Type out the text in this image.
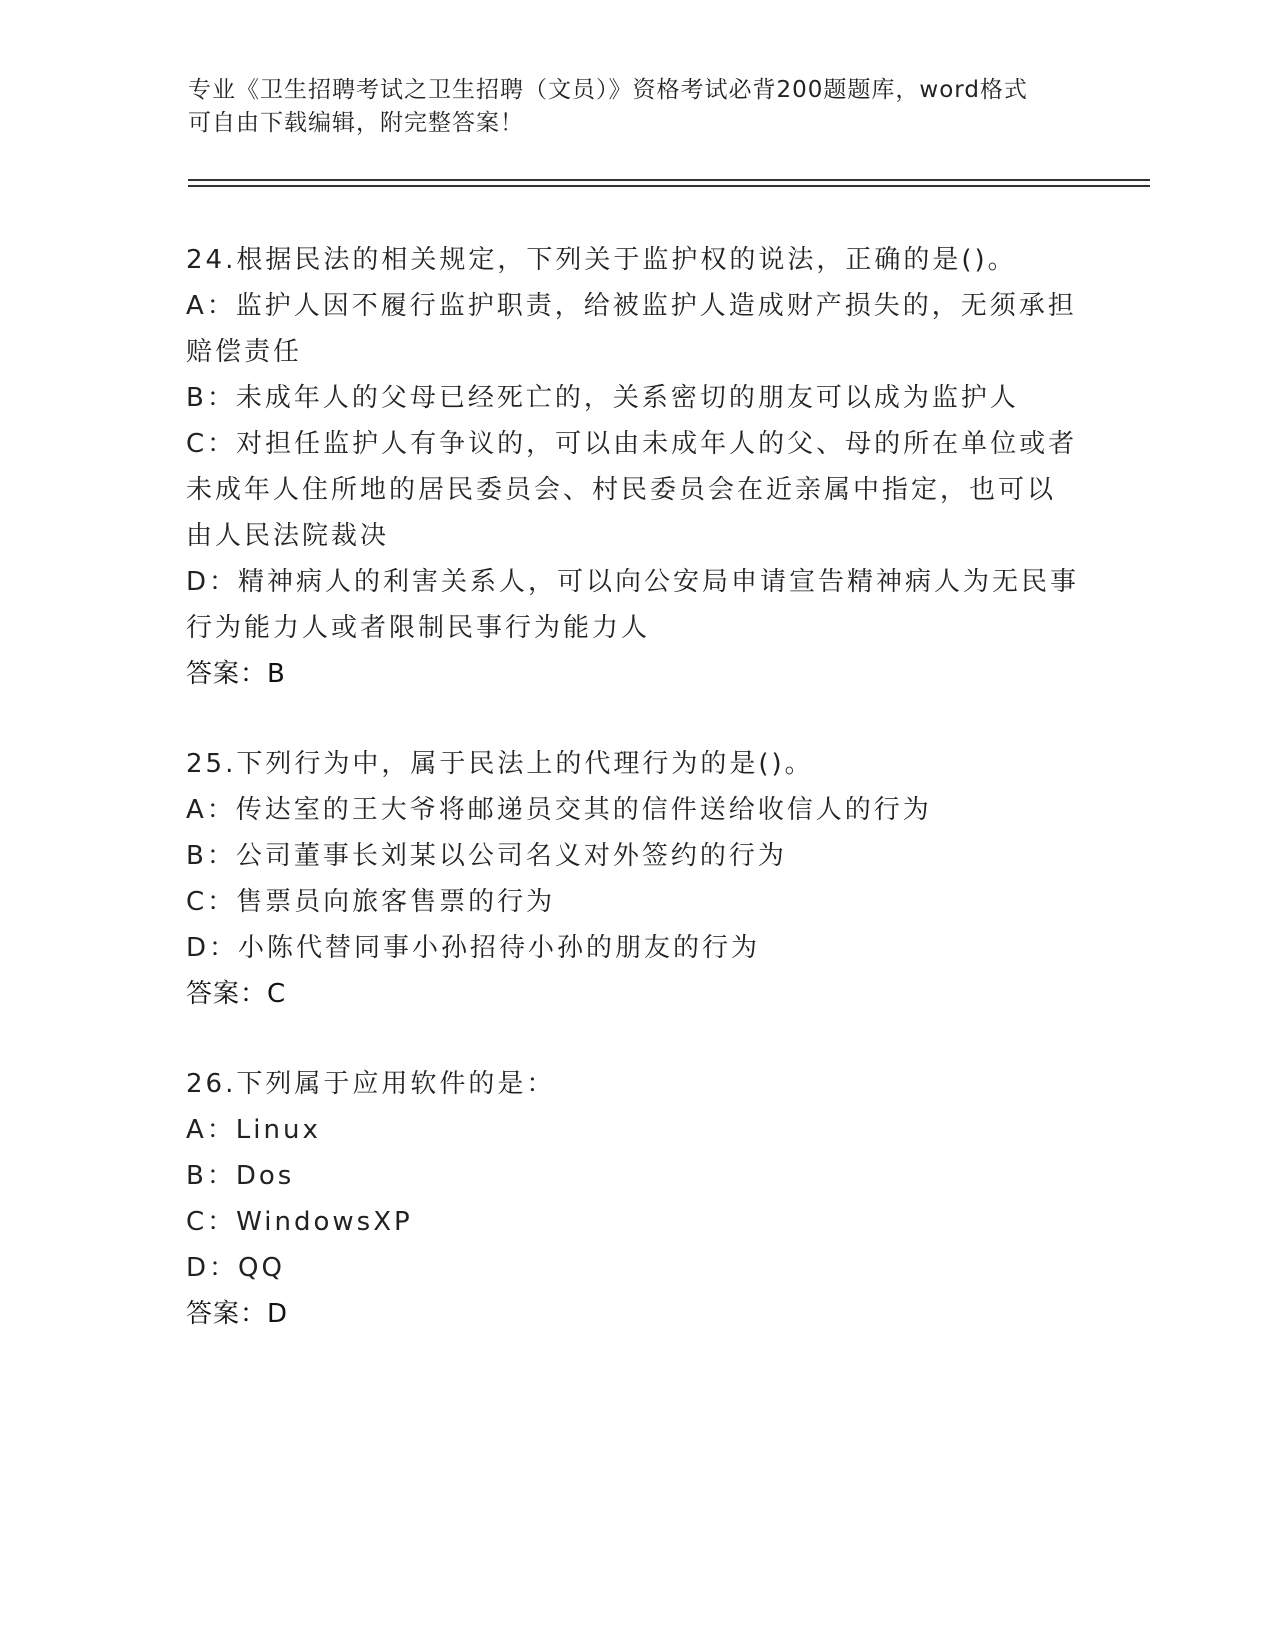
专业《卫生招聘考试之卫生招聘（文员）》资格考试必背200题题库，word格式
可自由下载编辑，附完整答案！
24.根据民法的相关规定，下列关于监护权的说法，正确的是()。
A：监护人因不履行监护职责，给被监护人造成财产损失的，无须承担
赔偿责任
B：未成年人的父母已经死亡的，关系密切的朋友可以成为监护人
C：对担任监护人有争议的，可以由未成年人的父、母的所在单位或者
未成年人住所地的居民委员会、村民委员会在近亲属中指定，也可以
由人民法院裁决
D：精神病人的利害关系人，可以向公安局申请宣告精神病人为无民事
行为能力人或者限制民事行为能力人
答案：B
25.下列行为中，属于民法上的代理行为的是()。
A：传达室的王大爷将邮递员交其的信件送给收信人的行为
B：公司董事长刘某以公司名义对外签约的行为
C：售票员向旅客售票的行为
D：小陈代替同事小孙招待小孙的朋友的行为
答案：C
26.下列属于应用软件的是：
A：Linux
B：Dos
C：WindowsXP
D：QQ
答案：D
